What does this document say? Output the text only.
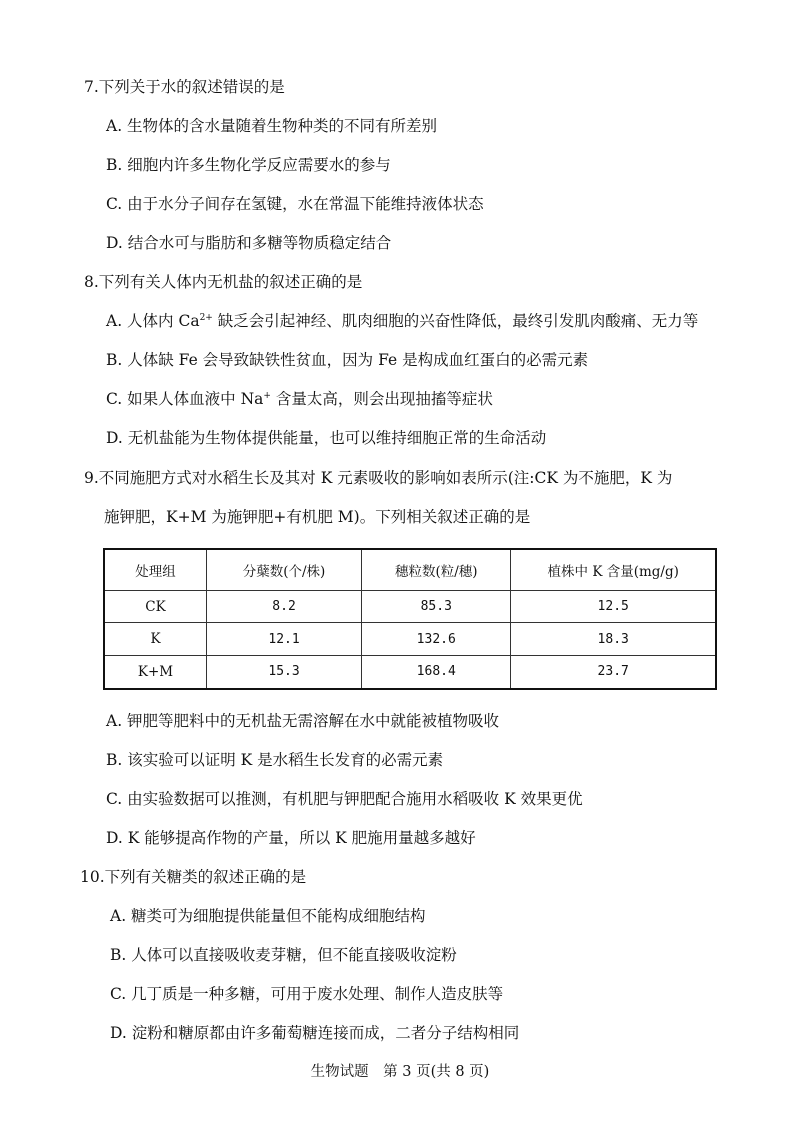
7.下列关于水的叙述错误的是
A. 生物体的含水量随着生物种类的不同有所差别
B. 细胞内许多生物化学反应需要水的参与
C. 由于水分子间存在氢键，水在常温下能维持液体状态
D. 结合水可与脂肪和多糖等物质稳定结合
8.下列有关人体内无机盐的叙述正确的是
A. 人体内 $Ca^{2+}$ 缺乏会引起神经、肌肉细胞的兴奋性降低，最终引发肌肉酸痛、无力等
B. 人体缺 Fe 会导致缺铁性贫血，因为 Fe 是构成血红蛋白的必需元素
C. 如果人体血液中 Na+ 含量太高，则会出现抽搐等症状
D. 无机盐能为生物体提供能量，也可以维持细胞正常的生命活动
9.不同施肥方式对水稻生长及其对 K 元素吸收的影响如表所示(注:CK 为不施肥，K 为
施钾肥，K+M 为施钾肥+有机肥 M)。下列相关叙述正确的是
处理组	分蘖数(个/株)	穗粒数(粒/穗)	植株中 K 含量(mg/g)
CK	8.2	85.3	12.5
K	12.1	132.6	18.3
K+M	15.3	168.4	23.7
A. 钾肥等肥料中的无机盐无需溶解在水中就能被植物吸收
B. 该实验可以证明 K 是水稻生长发育的必需元素
C. 由实验数据可以推测，有机肥与钾肥配合施用水稻吸收 K 效果更优
D. K 能够提高作物的产量，所以 K 肥施用量越多越好
10.下列有关糖类的叙述正确的是
A. 糖类可为细胞提供能量但不能构成细胞结构
B. 人体可以直接吸收麦芽糖，但不能直接吸收淀粉
C. 几丁质是一种多糖，可用于废水处理、制作人造皮肤等
D. 淀粉和糖原都由许多葡萄糖连接而成，二者分子结构相同
生物试题　第 3 页(共 8 页)
